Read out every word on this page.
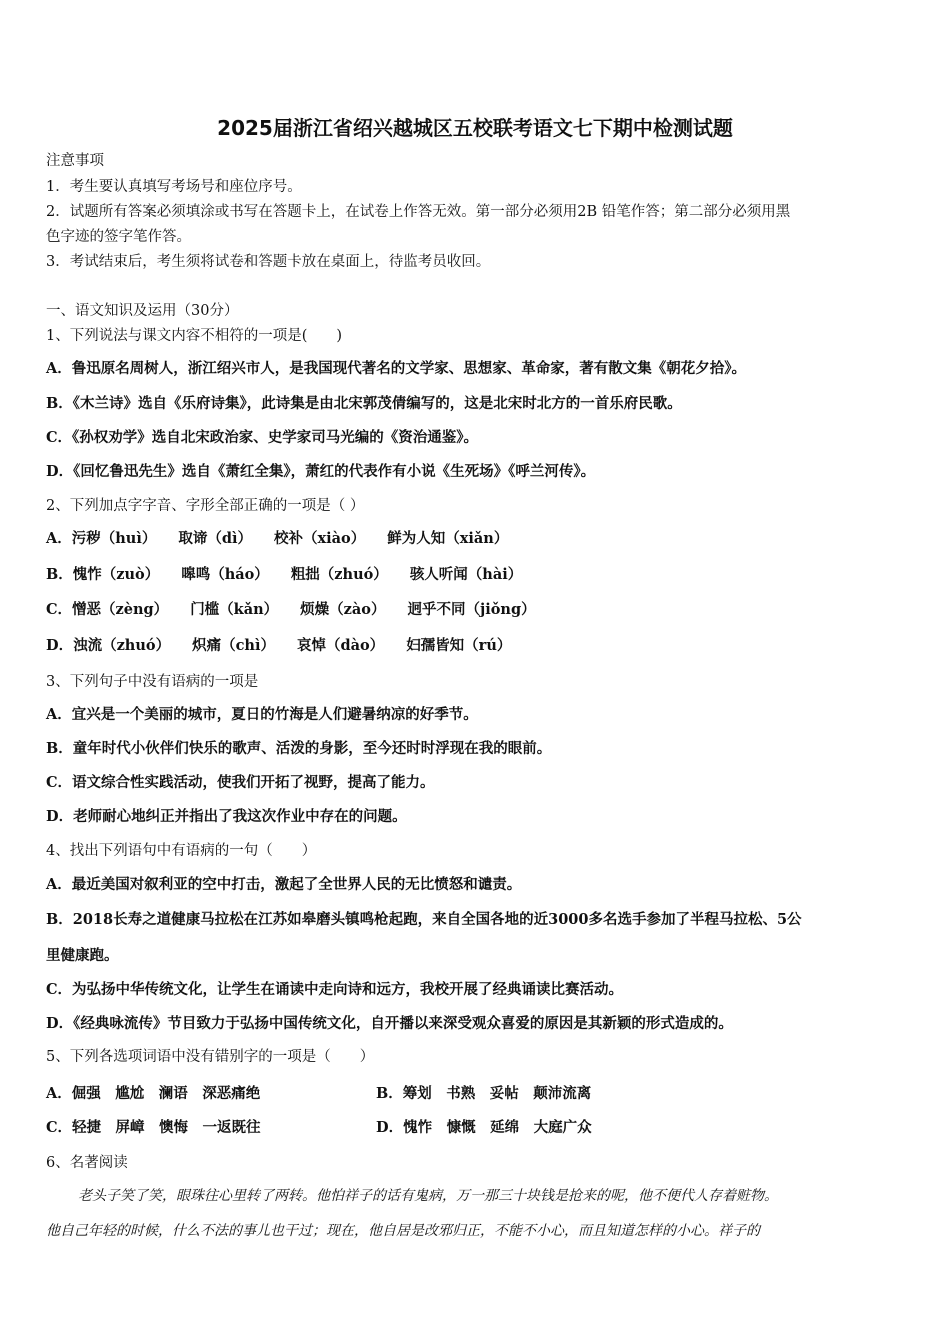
2025届浙江省绍兴越城区五校联考语文七下期中检测试题
注意事项
1．考生要认真填写考场号和座位序号。
2．试题所有答案必须填涂或书写在答题卡上，在试卷上作答无效。第一部分必须用2B 铅笔作答；第二部分必须用黑
色字迹的签字笔作答。
3．考试结束后，考生须将试卷和答题卡放在桌面上，待监考员收回。
一、语文知识及运用（30分）
1、下列说法与课文内容不相符的一项是(　　)
A．鲁迅原名周树人，浙江绍兴市人，是我国现代著名的文学家、思想家、革命家，著有散文集《朝花夕拾》。
B．《木兰诗》选自《乐府诗集》，此诗集是由北宋郭茂倩编写的，这是北宋时北方的一首乐府民歌。
C．《孙权劝学》选自北宋政治家、史学家司马光编的《资治通鉴》。
D．《回忆鲁迅先生》选自《萧红全集》，萧红的代表作有小说《生死场》《呼兰河传》。
2、下列加点字字音、字形全部正确的一项是（ ）
A．污秽（huì） 取谛（dì） 校补（xiào） 鲜为人知（xiǎn）
B．愧怍（zuò） 嗥鸣（háo） 粗拙（zhuó） 骇人听闻（hài）
C．憎恶（zèng） 门槛（kǎn） 烦燥（zào） 迥乎不同（jiǒng）
D．浊流（zhuó） 炽痛（chì） 哀悼（dào） 妇孺皆知（rú）
3、下列句子中没有语病的一项是
A．宜兴是一个美丽的城市，夏日的竹海是人们避暑纳凉的好季节。
B．童年时代小伙伴们快乐的歌声、活泼的身影，至今还时时浮现在我的眼前。
C．语文综合性实践活动，使我们开拓了视野，提高了能力。
D．老师耐心地纠正并指出了我这次作业中存在的问题。
4、找出下列语句中有语病的一句（　　）
A．最近美国对叙利亚的空中打击，激起了全世界人民的无比愤怒和谴责。
B．2018长寿之道健康马拉松在江苏如皋磨头镇鸣枪起跑，来自全国各地的近3000多名选手参加了半程马拉松、5公
里健康跑。
C．为弘扬中华传统文化，让学生在诵读中走向诗和远方，我校开展了经典诵读比赛活动。
D．《经典咏流传》节目致力于弘扬中国传统文化，自开播以来深受观众喜爱的原因是其新颖的形式造成的。
5、下列各选项词语中没有错别字的一项是（　　）
A．倔强　尴尬　澜语　深恶痛绝	B．筹划　书熟　妥帖　颠沛流离
C．轻捷　屏嶂　懊悔　一返既往	D．愧怍　慷慨　延绵　大庭广众
6、名著阅读
老头子笑了笑，眼珠往心里转了两转。他怕祥子的话有鬼病，万一那三十块钱是抢来的呢，他不便代人存着赃物。
他自己年轻的时候，什么不法的事儿也干过；现在，他自居是改邪归正，不能不小心，而且知道怎样的小心。祥子的
